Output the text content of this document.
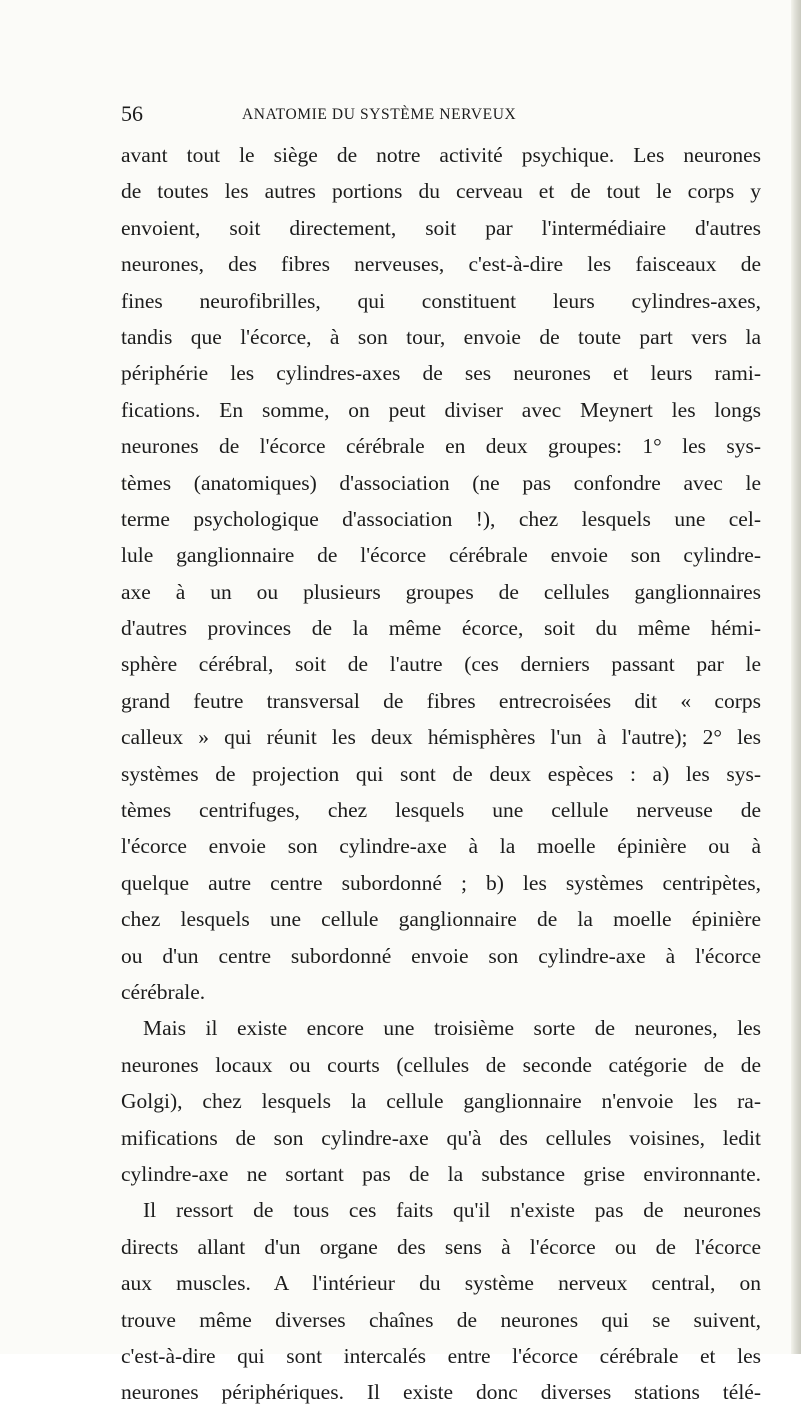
56	ANATOMIE DU SYSTÈME NERVEUX
avant tout le siège de notre activité psychique. Les neurones
de toutes les autres portions du cerveau et de tout le corps y
envoient, soit directement, soit par l'intermédiaire d'autres
neurones, des fibres nerveuses, c'est-à-dire les faisceaux de
fines neurofibrilles, qui constituent leurs cylindres-axes,
tandis que l'écorce, à son tour, envoie de toute part vers la
périphérie les cylindres-axes de ses neurones et leurs rami-
fications. En somme, on peut diviser avec Meynert les longs
neurones de l'écorce cérébrale en deux groupes: 1° les sys-
tèmes (anatomiques) d'association (ne pas confondre avec le
terme psychologique d'association !), chez lesquels une cel-
lule ganglionnaire de l'écorce cérébrale envoie son cylindre-
axe à un ou plusieurs groupes de cellules ganglionnaires
d'autres provinces de la même écorce, soit du même hémi-
sphère cérébral, soit de l'autre (ces derniers passant par le
grand feutre transversal de fibres entrecroisées dit « corps
calleux » qui réunit les deux hémisphères l'un à l'autre); 2° les
systèmes de projection qui sont de deux espèces : a) les sys-
tèmes centrifuges, chez lesquels une cellule nerveuse de
l'écorce envoie son cylindre-axe à la moelle épinière ou à
quelque autre centre subordonné ; b) les systèmes centripètes,
chez lesquels une cellule ganglionnaire de la moelle épinière
ou d'un centre subordonné envoie son cylindre-axe à l'écorce
cérébrale.
Mais il existe encore une troisième sorte de neurones, les
neurones locaux ou courts (cellules de seconde catégorie de de
Golgi), chez lesquels la cellule ganglionnaire n'envoie les ra-
mifications de son cylindre-axe qu'à des cellules voisines, ledit
cylindre-axe ne sortant pas de la substance grise environnante.
Il ressort de tous ces faits qu'il n'existe pas de neurones
directs allant d'un organe des sens à l'écorce ou de l'écorce
aux muscles. A l'intérieur du système nerveux central, on
trouve même diverses chaînes de neurones qui se suivent,
c'est-à-dire qui sont intercalés entre l'écorce cérébrale et les
neurones périphériques. Il existe donc diverses stations télé-
